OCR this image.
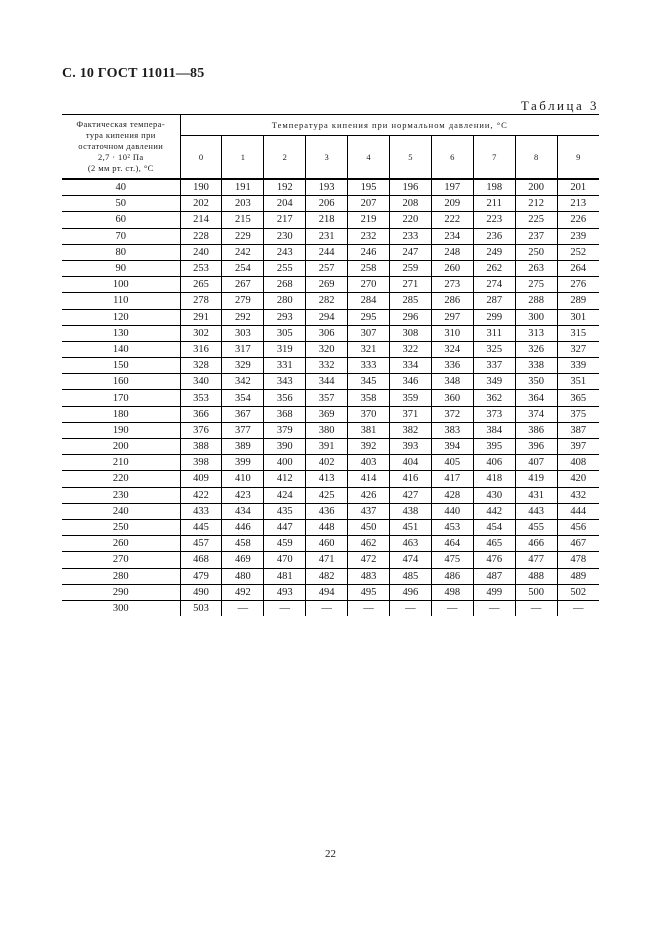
С. 10 ГОСТ 11011—85
Таблица 3
Фактическая темпера-
тура кипения при
остаточном давлении
2,7 · 10² Па
(2 мм рт. ст.), °С	Температура кипения при нормальном давлении, °С									
	0	1	2	3	4	5	6	7	8	9
40	190	191	192	193	195	196	197	198	200	201
50	202	203	204	206	207	208	209	211	212	213
60	214	215	217	218	219	220	222	223	225	226
70	228	229	230	231	232	233	234	236	237	239
80	240	242	243	244	246	247	248	249	250	252
90	253	254	255	257	258	259	260	262	263	264
100	265	267	268	269	270	271	273	274	275	276
110	278	279	280	282	284	285	286	287	288	289
120	291	292	293	294	295	296	297	299	300	301
130	302	303	305	306	307	308	310	311	313	315
140	316	317	319	320	321	322	324	325	326	327
150	328	329	331	332	333	334	336	337	338	339
160	340	342	343	344	345	346	348	349	350	351
170	353	354	356	357	358	359	360	362	364	365
180	366	367	368	369	370	371	372	373	374	375
190	376	377	379	380	381	382	383	384	386	387
200	388	389	390	391	392	393	394	395	396	397
210	398	399	400	402	403	404	405	406	407	408
220	409	410	412	413	414	416	417	418	419	420
230	422	423	424	425	426	427	428	430	431	432
240	433	434	435	436	437	438	440	442	443	444
250	445	446	447	448	450	451	453	454	455	456
260	457	458	459	460	462	463	464	465	466	467
270	468	469	470	471	472	474	475	476	477	478
280	479	480	481	482	483	485	486	487	488	489
290	490	492	493	494	495	496	498	499	500	502
300	503	—	—	—	—	—	—	—	—	—
22
